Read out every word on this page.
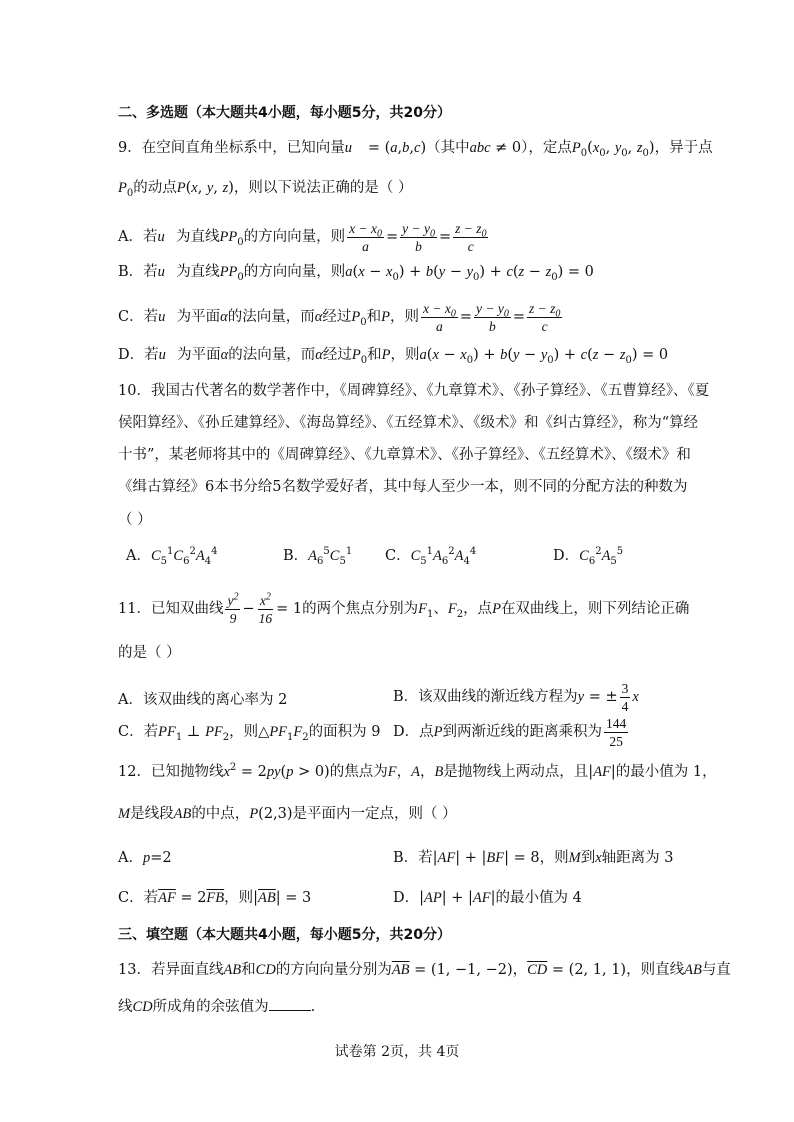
二、多选题（本大题共4小题，每小题5分，共20分）
9．在空间直角坐标系中，已知向量u⃗ = (a,b,c)（其中abc ≠ 0），定点$P_0(x_0$, $y_0$, $z_0$)，异于点
$P_0$的动点P(x, y, z)，则以下说法正确的是（ ）
A．若u⃗为直线$PP_0$的方向向量，则 $\frac{x - x_0}{a} = \frac{y - y_0}{b} = \frac{z - z_0}{c}$
B．若u⃗为直线$PP_0$的方向向量，则$a(x - x_0) + b(y - y_0) + c(z - z_0) = 0$
C．若u⃗为平面α的法向量，而α经过$P_0$和P，则 $\frac{x - x_0}{a} = \frac{y - y_0}{b} = \frac{z - z_0}{c}$
D．若u⃗为平面α的法向量，而α经过$P_0$和P，则$a(x - x_0) + b(y - y_0) + c(z - z_0) = 0$
10．我国古代著名的数学著作中，《周碑算经》、《九章算术》、《孙子算经》、《五曹算经》、《夏
侯阳算经》、《孙丘建算经》、《海岛算经》、《五经算术》、《级术》和《纠古算经》，称为“算经
十书”，某老师将其中的《周碑算经》、《九章算术》、《孙子算经》、《五经算术》、《缀术》和
《缉古算经》6本书分给5名数学爱好者，其中每人至少一本，则不同的分配方法的种数为
（ ）
A．$C_5^1C_6^2A_4^4$	B．$A_6^5C_5^1$ C．$C_5^1A_6^2A_4^4$	D．$C_6^2A_5^5$
11．已知双曲线 $\frac{y^2}{9} - \frac{x^2}{16} = 1$的两个焦点分别为$F_1$、$F_2$，点P在双曲线上，则下列结论正确
的是（ ）
A．该双曲线的离心率为 2	B．该双曲线的渐近线方程为y = ± $\frac{3}{4}$ x
C．若$PF_1$ ⊥ $PF_2$，则$\triangle PF_1F_2$的面积为 9 D．点P到两渐近线的距离乘积为 $\frac{144}{25}$
12．已知抛物线$x^2 = 2py(p > 0)$的焦点为F，A，B是抛物线上两动点，且|AF|的最小值为 1，
M是线段AB的中点，P(2,3)是平面内一定点，则（ ）
A．p=2	B．若|AF| + |BF| = 8，则M到x轴距离为 3
C．若$\overline{AF} = 2\overline{FB}$，则$|\overline{AB}| = 3$	D．|AP| + |AF|的最小值为 4
三、填空题（本大题共4小题，每小题5分，共20分）
13．若异面直线AB和CD的方向向量分别为$\overline{AB} = (1$, −1, −2)，$\overline{CD} = (2$, 1, 1)，则直线AB与直
线CD所成角的余弦值为	.
试卷第 2页，共 4页
